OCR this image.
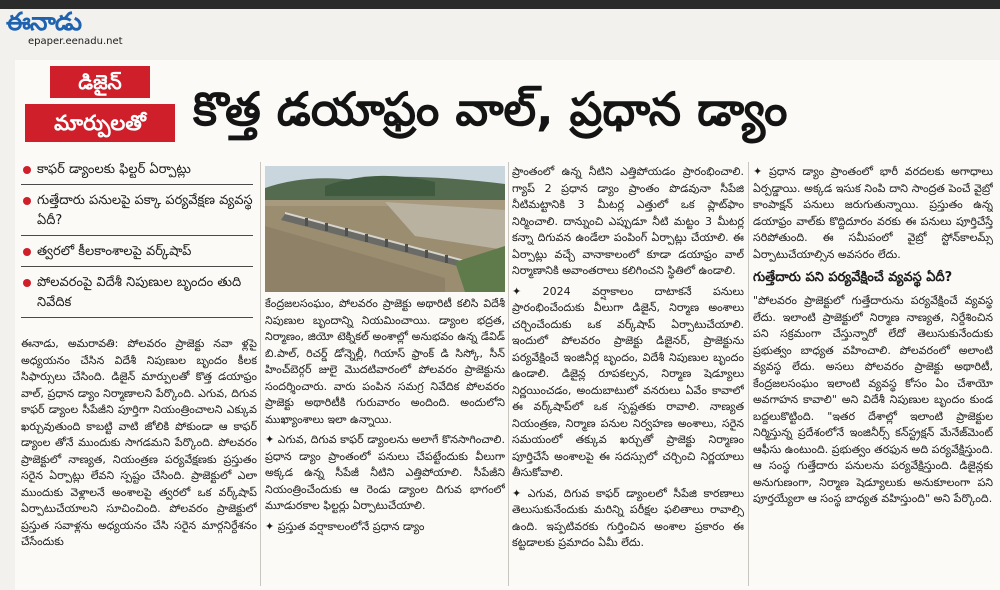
ఈనాడు
epaper.eenadu.net
డిజైన్
మార్పులతో	కొత్త డయాఫ్రం వాల్, ప్రధాన డ్యాం
కాఫర్ డ్యాంలకు ఫిల్టర్ ఏర్పాట్లు
గుత్తేదారు పనులపై పక్కా పర్యవేక్షణ వ్యవస్థ ఏదీ?
త్వరలో కీలకాంశాలపై వర్క్‌షాప్
పోలవరంపై విదేశీ నిపుణుల బృందం తుది నివేదిక

ఈనాడు, అమరావతి: పోలవరం ప్రాజెక్టు నవా ళ్లపై అధ్యయనం చేసిన విదేశీ నిపుణుల బృందం కీలక సిఫార్సులు చేసింది. డిజైన్ మార్పులతో కొత్త డయాఫ్రం వాల్, ప్రధాన డ్యాం నిర్మాణాలని పేర్కొంది. ఎగువ, దిగువ కాఫర్ డ్యాంల సీపేజీని పూర్తిగా నియంత్రించాలని ఎక్కువ ఖర్చువుతుంది కాబట్టి వాటి జోలికి పోకుండా ఆ కాఫర్ డ్యాంల తోనే ముందుకు సాగడమని పేర్కొంది. పోలవరం ప్రాజెక్టులో నాణ్యత, నియంత్రణ పర్యవేక్షణకు ప్రస్తుతం సరైన ఏర్పాట్లు లేవని స్పష్టం చేసింది. ప్రాజెక్టులో ఎలా ముందుకు వెళ్లాలనే అంశాలపై త్వరలో ఒక వర్క్‌షాప్ ఏర్పాటుచేయాలని సూచించింది. పోలవరం ప్రాజెక్టులో ప్రస్తుత సవాళ్లను అధ్యయనం చేసి సరైన మార్గనిర్దేశనం చేసేందుకు

కేంద్రజలసంఘం, పోలవరం ప్రాజెక్టు అథారిటీ కలిసి విదేశీ నిపుణుల బృందాన్ని నియమించాయి. డ్యాంల భద్రత, నిర్మాణం, జియో టెక్నికల్ అంశాల్లో అనుభవం ఉన్న డేవిడ్ బి.పాల్, రిచర్డ్ డోన్నెల్లీ, గియాస్ ఫ్రాంక్ డి సిస్కో, సీన్ హించ్‌బెర్గర్ జులై మొదటివారంలో పోలవరం ప్రాజెక్టును సందర్శించారు. వారు పంపిన సమగ్ర నివేదిక పోలవరం ప్రాజెక్టు అథారిటీకి గురువారం అందింది. అందులోని ముఖ్యాంశాలు ఇలా ఉన్నాయి.

✦ ఎగువ, దిగువ కాఫర్ డ్యాంలను అలాగే కొనసాగించాలి. ప్రధాన డ్యాం ప్రాంతంలో పనులు చేపట్టేందుకు వీలుగా అక్కడ ఉన్న సీపేజీ నీటిని ఎత్తిపోయాలి. సీపేజీని నియంత్రించేందుకు ఆ రెండు డ్యాంల దిగువ భాగంలో మూడురకాల ఫిల్టర్లు ఏర్పాటుచేయాలి.

✦ ప్రస్తుత వర్షాకాలంలోనే ప్రధాన డ్యాం

ప్రాంతంలో ఉన్న నీటిని ఎత్తిపోయడం ప్రారంభించాలి. గ్యాప్ 2 ప్రధాన డ్యాం ప్రాంతం పొడవునా సీపేజి నీటిమట్టానికి 3 మీటర్ల ఎత్తులో ఒక ప్లాట్‌ఫాం నిర్మించాలి. దాన్నుంచి ఎప్పుడూ నీటి మట్టం 3 మీటర్ల కన్నా దిగువన ఉండేలా పంపింగ్ ఏర్పాట్లు చేయాలి. ఈ ఏర్పాట్లు వచ్చే వానాకాలంలో కూడా డయాఫ్రం వాల్ నిర్మాణానికి అవాంతరాలు కలిగించని స్థితిలో ఉండాలి.

✦ 2024 వర్షాకాలం దాటాకనే పనులు ప్రారంభించేందుకు వీలుగా డిజైన్, నిర్మాణ అంశాలు చర్చించేందుకు ఒక వర్క్‌షాప్ ఏర్పాటుచేయాలి. ఇందులో పోలవరం ప్రాజెక్టు డిజైనర్, ప్రాజెక్టును పర్యవేక్షించే ఇంజినీర్ల బృందం, విదేశీ నిపుణుల బృందం ఉండాలి. డిజైన్ల రూపకల్పన, నిర్మాణ షెడ్యూలు నిర్ణయించడం, అందుబాటులో వనరులు ఏవేం కావాలో ఈ వర్క్‌షాప్‌లో ఒక స్పష్టతకు రావాలి. నాణ్యత నియంత్రణ, నిర్మాణ పనుల నిర్వహణ అంశాలు, సరైన సమయంలో తక్కువ ఖర్చుతో ప్రాజెక్టు నిర్మాణం పూర్తిచేసే అంశాలపై ఈ సదస్సులో చర్చించి నిర్ణయాలు తీసుకోవాలి.

✦ ఎగువ, దిగువ కాఫర్ డ్యాంలలో సీపేజి కారణాలు తెలుసుకునేందుకు మరిన్ని పరీక్షల ఫలితాలు రావాల్సి ఉంది. ఇప్పటివరకు గుర్తించిన అంశాల ప్రకారం ఈ కట్టడాలకు ప్రమాదం ఏమీ లేదు.

✦ ప్రధాన డ్యాం ప్రాంతంలో భారీ వరదలకు అగాధాలు ఏర్పడ్డాయి. అక్కడ ఇసుక నింపి దాని సాంద్రత పెంచే వైబ్రో కాంపాక్షన్ పనులు జరుగుతున్నాయి. ప్రస్తుతం ఉన్న డయాఫ్రం వాల్‌కు కొద్దిదూరం వరకు ఈ పనులు పూర్తిచేస్తే సరిపోతుంది. ఈ సమీపంలో వైబ్రో స్టోన్‌కాలమ్స్ ఏర్పాటుచేయాల్సిన అవసరం లేదు.

గుత్తేదారు పని పర్యవేక్షించే వ్యవస్థ ఏదీ?

"పోలవరం ప్రాజెక్టులో గుత్తేదారును పర్యవేక్షించే వ్యవస్థ లేదు. ఇలాంటి ప్రాజెక్టులో నిర్మాణ నాణ్యత, నిర్దేశించిన పని సక్రమంగా చేస్తున్నారో లేదో తెలుసుకునేందుకు ప్రభుత్వం బాధ్యత వహించాలి. పోలవరంలో అలాంటి వ్యవస్థ లేదు. అసలు పోలవరం ప్రాజెక్టు అథారిటీ, కేంద్రజలసంఘం ఇలాంటి వ్యవస్థ కోసం ఏం చేశాయో అవగాహన కావాలి" అని విదేశీ నిపుణుల బృందం కుండ బద్దలుకొట్టింది. "ఇతర దేశాల్లో ఇలాంటి ప్రాజెక్టుల నిర్మిస్తున్న ప్రదేశంలోనే ఇంజినీర్స్ కన్‌స్ట్రక్షన్ మేనేజ్‌మెంట్ ఆఫీసు ఉంటుంది. ప్రభుత్వం తరఫున అది పర్యవేక్షిస్తుంది. ఆ సంస్థ గుత్తేదారు పనులను పర్యవేక్షిస్తుంది. డిజైన్లకు అనుగుణంగా, నిర్మాణ షెడ్యూలుకు అనుకూలంగా పని పూర్తయ్యేలా ఆ సంస్థ బాధ్యత వహిస్తుంది" అని పేర్కొంది.
